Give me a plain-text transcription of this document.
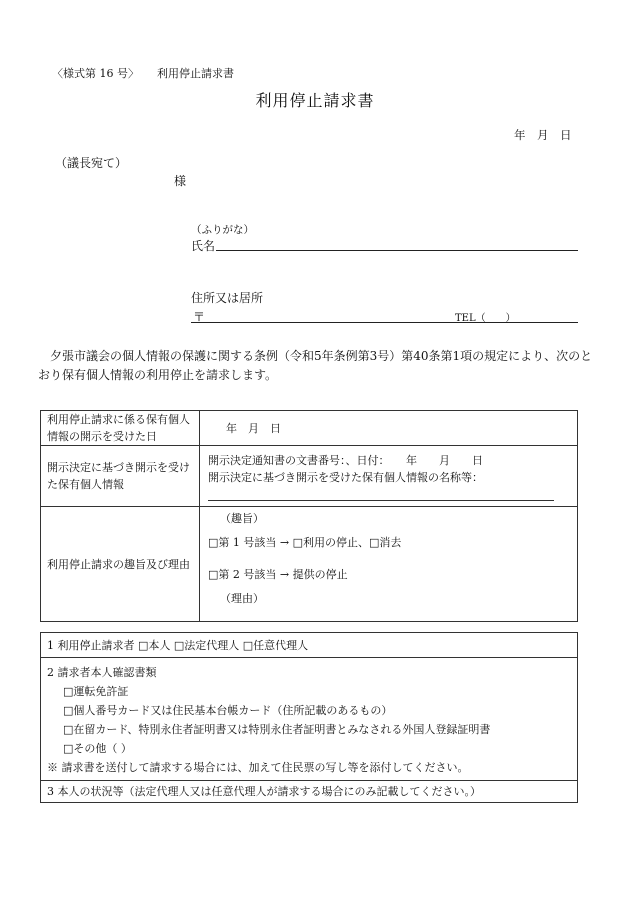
〈様式第 16 号〉 利用停止請求書
利用停止請求書
年　月　日
（議長宛て）
様
（ふりがな）
氏名
住所又は居所
〒	TEL（　　）
夕張市議会の個人情報の保護に関する条例（令和5年条例第3号）第40条第1項の規定により、次のとおり保有個人情報の利用停止を請求します。
利用停止請求に係る保有個人情報の開示を受けた日	年　月　日
開示決定に基づき開示を受けた保有個人情報	開示決定通知書の文書番号：、日付：　　年　　月　　日
開示決定に基づき開示を受けた保有個人情報の名称等：

利用停止請求の趣旨及び理由	（趣旨）
□第 1 号該当 → □利用の停止、□消去
□第 2 号該当 → 提供の停止
（理由）
1 利用停止請求者 □本人 □法定代理人 □任意代理人

2 請求者本人確認書類
□運転免許証
□個人番号カード又は住民基本台帳カード（住所記載のあるもの）
□在留カード、特別永住者証明書又は特別永住者証明書とみなされる外国人登録証明書
□その他（ ）
※ 請求書を送付して請求する場合には、加えて住民票の写し等を添付してください。

3 本人の状況等（法定代理人又は任意代理人が請求する場合にのみ記載してください。）
